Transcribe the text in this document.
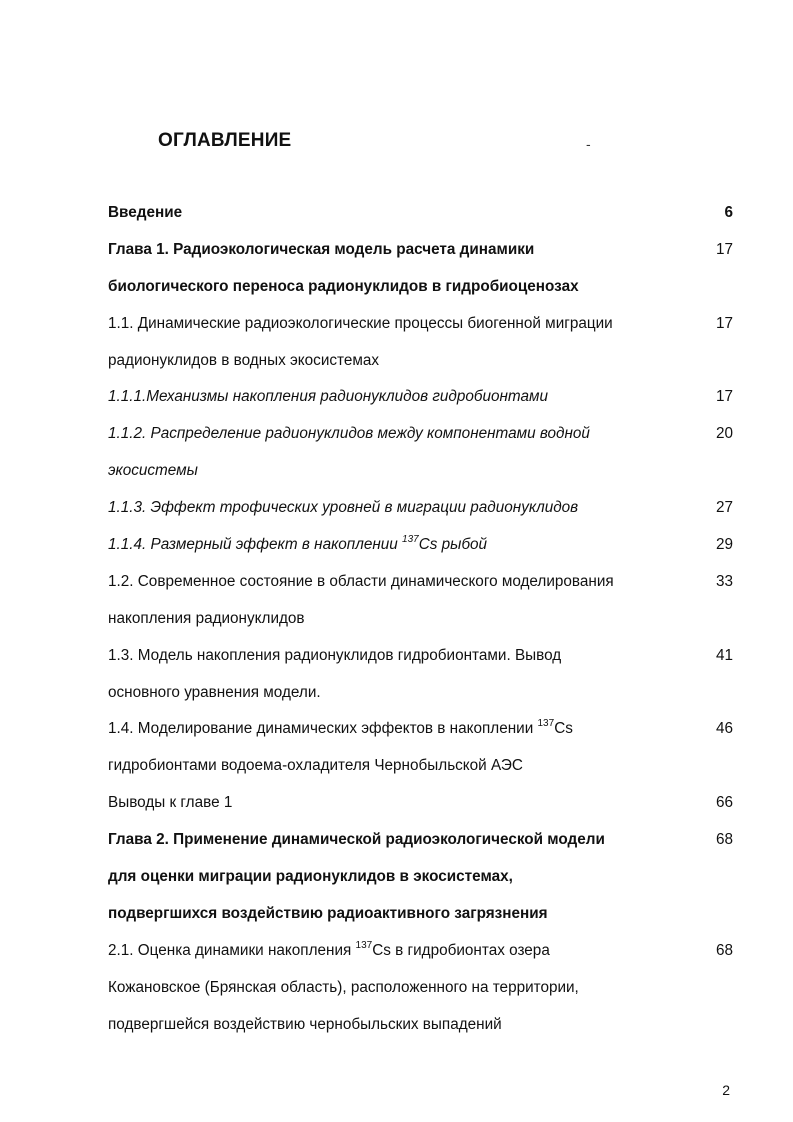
ОГЛАВЛЕНИЕ	-
Введение	6
Глава 1. Радиоэкологическая модель расчета динамики	17
биологического переноса радионуклидов в гидробиоценозах
1.1. Динамические радиоэкологические процессы биогенной миграции	17
радионуклидов в водных экосистемах
1.1.1.Механизмы накопления радионуклидов гидробионтами	17
1.1.2. Распределение радионуклидов между компонентами водной	20
экосистемы
1.1.3. Эффект трофических уровней в миграции радионуклидов	27
1.1.4. Размерный эффект в накоплении $^{137}$Cs рыбой	29
1.2. Современное состояние в области динамического моделирования	33
накопления радионуклидов
1.3. Модель накопления радионуклидов гидробионтами. Вывод	41
основного уравнения модели.
1.4. Моделирование динамических эффектов в накоплении $^{137}$Cs	46
гидробионтами водоема-охладителя Чернобыльской АЭС
Выводы к главе 1	66
Глава 2. Применение динамической радиоэкологической модели	68
для оценки миграции радионуклидов в экосистемах,
подвергшихся воздействию радиоактивного загрязнения
2.1. Оценка динамики накопления $^{137}$Cs в гидробионтах озера	68
Кожановское (Брянская область), расположенного на территории,
подвергшейся воздействию чернобыльских выпадений
2
